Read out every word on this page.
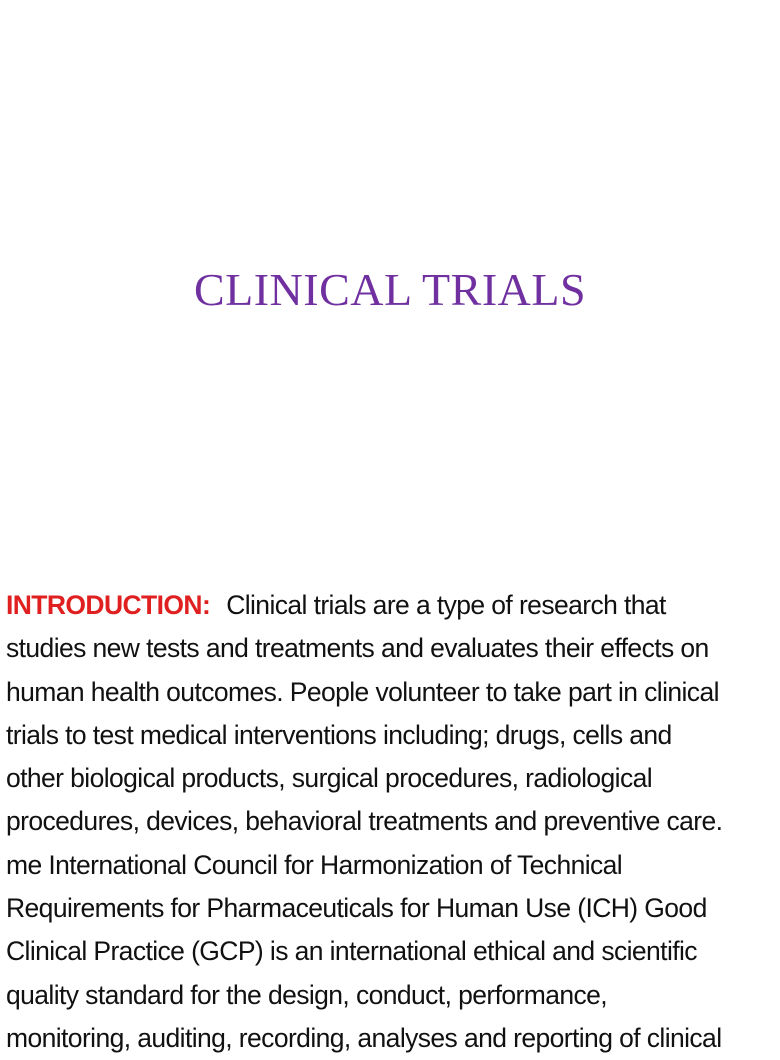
CLINICAL TRIALS
INTRODUCTION: Clinical trials are a type of research that
studies new tests and treatments and evaluates their effects on
human health outcomes. People volunteer to take part in clinical
trials to test medical interventions including; drugs, cells and
other biological products, surgical procedures, radiological
procedures, devices, behavioral treatments and preventive care.
me International Council for Harmonization of Technical
Requirements for Pharmaceuticals for Human Use (ICH) Good
Clinical Practice (GCP) is an international ethical and scientific
quality standard for the design, conduct, performance,
monitoring, auditing, recording, analyses and reporting of clinical
